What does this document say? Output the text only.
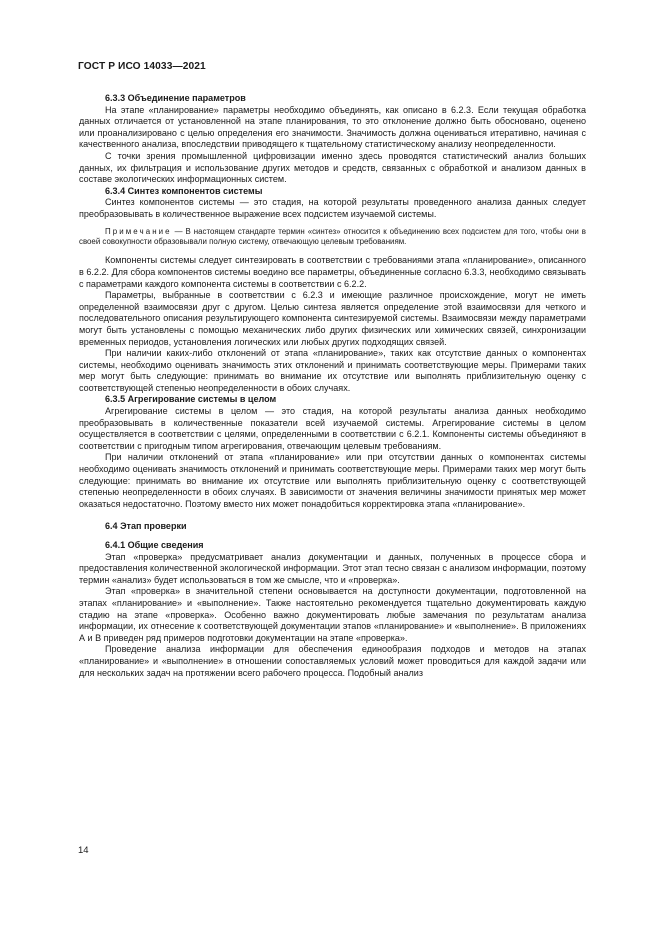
ГОСТ Р ИСО 14033—2021
6.3.3 Объединение параметров

На этапе «планирование» параметры необходимо объединять, как описано в 6.2.3. Если текущая обработка данных отличается от установленной на этапе планирования, то это отклонение должно быть обосновано, оценено или проанализировано с целью определения его значимости. Значимость должна оцениваться итеративно, начиная с качественного анализа, впоследствии приводящего к тщательному статистическому анализу неопределенности.

С точки зрения промышленной цифровизации именно здесь проводятся статистический анализ больших данных, их фильтрация и использование других методов и средств, связанных с обработкой и анализом данных в составе экологических информационных систем.

6.3.4 Синтез компонентов системы

Синтез компонентов системы — это стадия, на которой результаты проведенного анализа данных следует преобразовывать в количественное выражение всех подсистем изучаемой системы.

Примечание — В настоящем стандарте термин «синтез» относится к объединению всех подсистем для того, чтобы они в своей совокупности образовывали полную систему, отвечающую целевым требованиям.

Компоненты системы следует синтезировать в соответствии с требованиями этапа «планирование», описанного в 6.2.2. Для сбора компонентов системы воедино все параметры, объединенные согласно 6.3.3, необходимо связывать с параметрами каждого компонента системы в соответствии с 6.2.2.

Параметры, выбранные в соответствии с 6.2.3 и имеющие различное происхождение, могут не иметь определенной взаимосвязи друг с другом. Целью синтеза является определение этой взаимосвязи для четкого и последовательного описания результирующего компонента синтезируемой системы. Взаимосвязи между параметрами могут быть установлены с помощью механических либо других физических или химических связей, синхронизации временных периодов, установления логических или любых других подходящих связей.

При наличии каких-либо отклонений от этапа «планирование», таких как отсутствие данных о компонентах системы, необходимо оценивать значимость этих отклонений и принимать соответствующие меры. Примерами таких мер могут быть следующие: принимать во внимание их отсутствие или выполнять приблизительную оценку с соответствующей степенью неопределенности в обоих случаях.

6.3.5 Агрегирование системы в целом

Агрегирование системы в целом — это стадия, на которой результаты анализа данных необходимо преобразовывать в количественные показатели всей изучаемой системы. Агрегирование системы в целом осуществляется в соответствии с целями, определенными в соответствии с 6.2.1. Компоненты системы объединяют в соответствии с пригодным типом агрегирования, отвечающим целевым требованиям.

При наличии отклонений от этапа «планирование» или при отсутствии данных о компонентах системы необходимо оценивать значимость отклонений и принимать соответствующие меры. Примерами таких мер могут быть следующие: принимать во внимание их отсутствие или выполнять приблизительную оценку с соответствующей степенью неопределенности в обоих случаях. В зависимости от значения величины значимости принятых мер может оказаться недостаточно. Поэтому вместо них может понадобиться корректировка этапа «планирование».

6.4 Этап проверки
6.4.1 Общие сведения

Этап «проверка» предусматривает анализ документации и данных, полученных в процессе сбора и предоставления количественной экологической информации. Этот этап тесно связан с анализом информации, поэтому термин «анализ» будет использоваться в том же смысле, что и «проверка».

Этап «проверка» в значительной степени основывается на доступности документации, подготовленной на этапах «планирование» и «выполнение». Также настоятельно рекомендуется тщательно документировать каждую стадию на этапе «проверка». Особенно важно документировать любые замечания по результатам анализа информации, их отнесение к соответствующей документации этапов «планирование» и «выполнение». В приложениях А и В приведен ряд примеров подготовки документации на этапе «проверка».

Проведение анализа информации для обеспечения единообразия подходов и методов на этапах «планирование» и «выполнение» в отношении сопоставляемых условий может проводиться для каждой задачи или для нескольких задач на протяжении всего рабочего процесса. Подобный анализ

14
